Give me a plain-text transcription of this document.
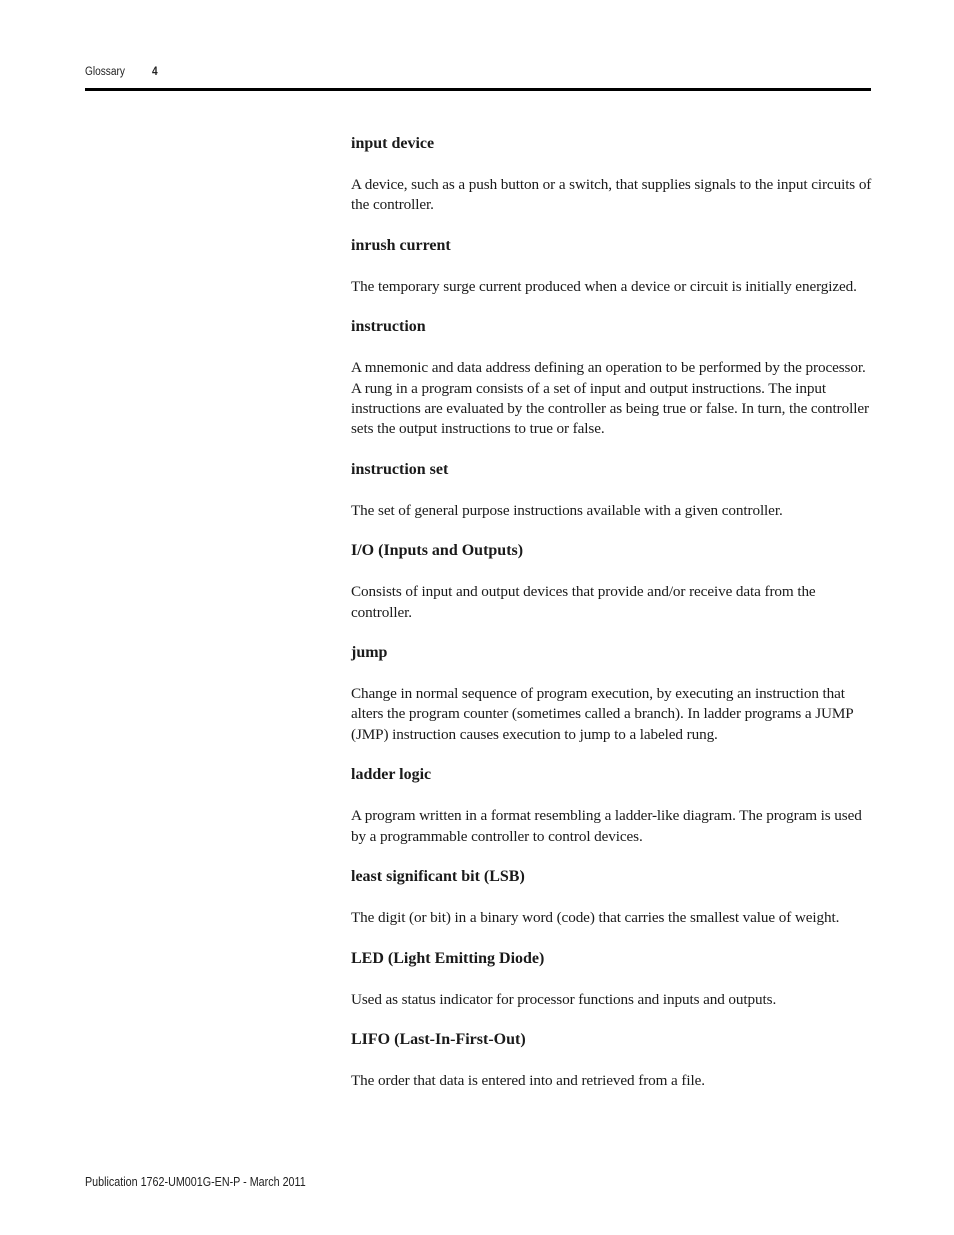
Glossary 4

input device

A device, such as a push button or a switch, that supplies signals to the input circuits of the controller.

inrush current

The temporary surge current produced when a device or circuit is initially energized.

instruction

A mnemonic and data address defining an operation to be performed by the processor. A rung in a program consists of a set of input and output instructions. The input instructions are evaluated by the controller as being true or false. In turn, the controller sets the output instructions to true or false.

instruction set

The set of general purpose instructions available with a given controller.

I/O (Inputs and Outputs)

Consists of input and output devices that provide and/or receive data from the controller.

jump

Change in normal sequence of program execution, by executing an instruction that alters the program counter (sometimes called a branch). In ladder programs a JUMP (JMP) instruction causes execution to jump to a labeled rung.

ladder logic

A program written in a format resembling a ladder-like diagram. The program is used by a programmable controller to control devices.

least significant bit (LSB)

The digit (or bit) in a binary word (code) that carries the smallest value of weight.

LED (Light Emitting Diode)

Used as status indicator for processor functions and inputs and outputs.

LIFO (Last-In-First-Out)

The order that data is entered into and retrieved from a file.

Publication 1762-UM001G-EN-P - March 2011
